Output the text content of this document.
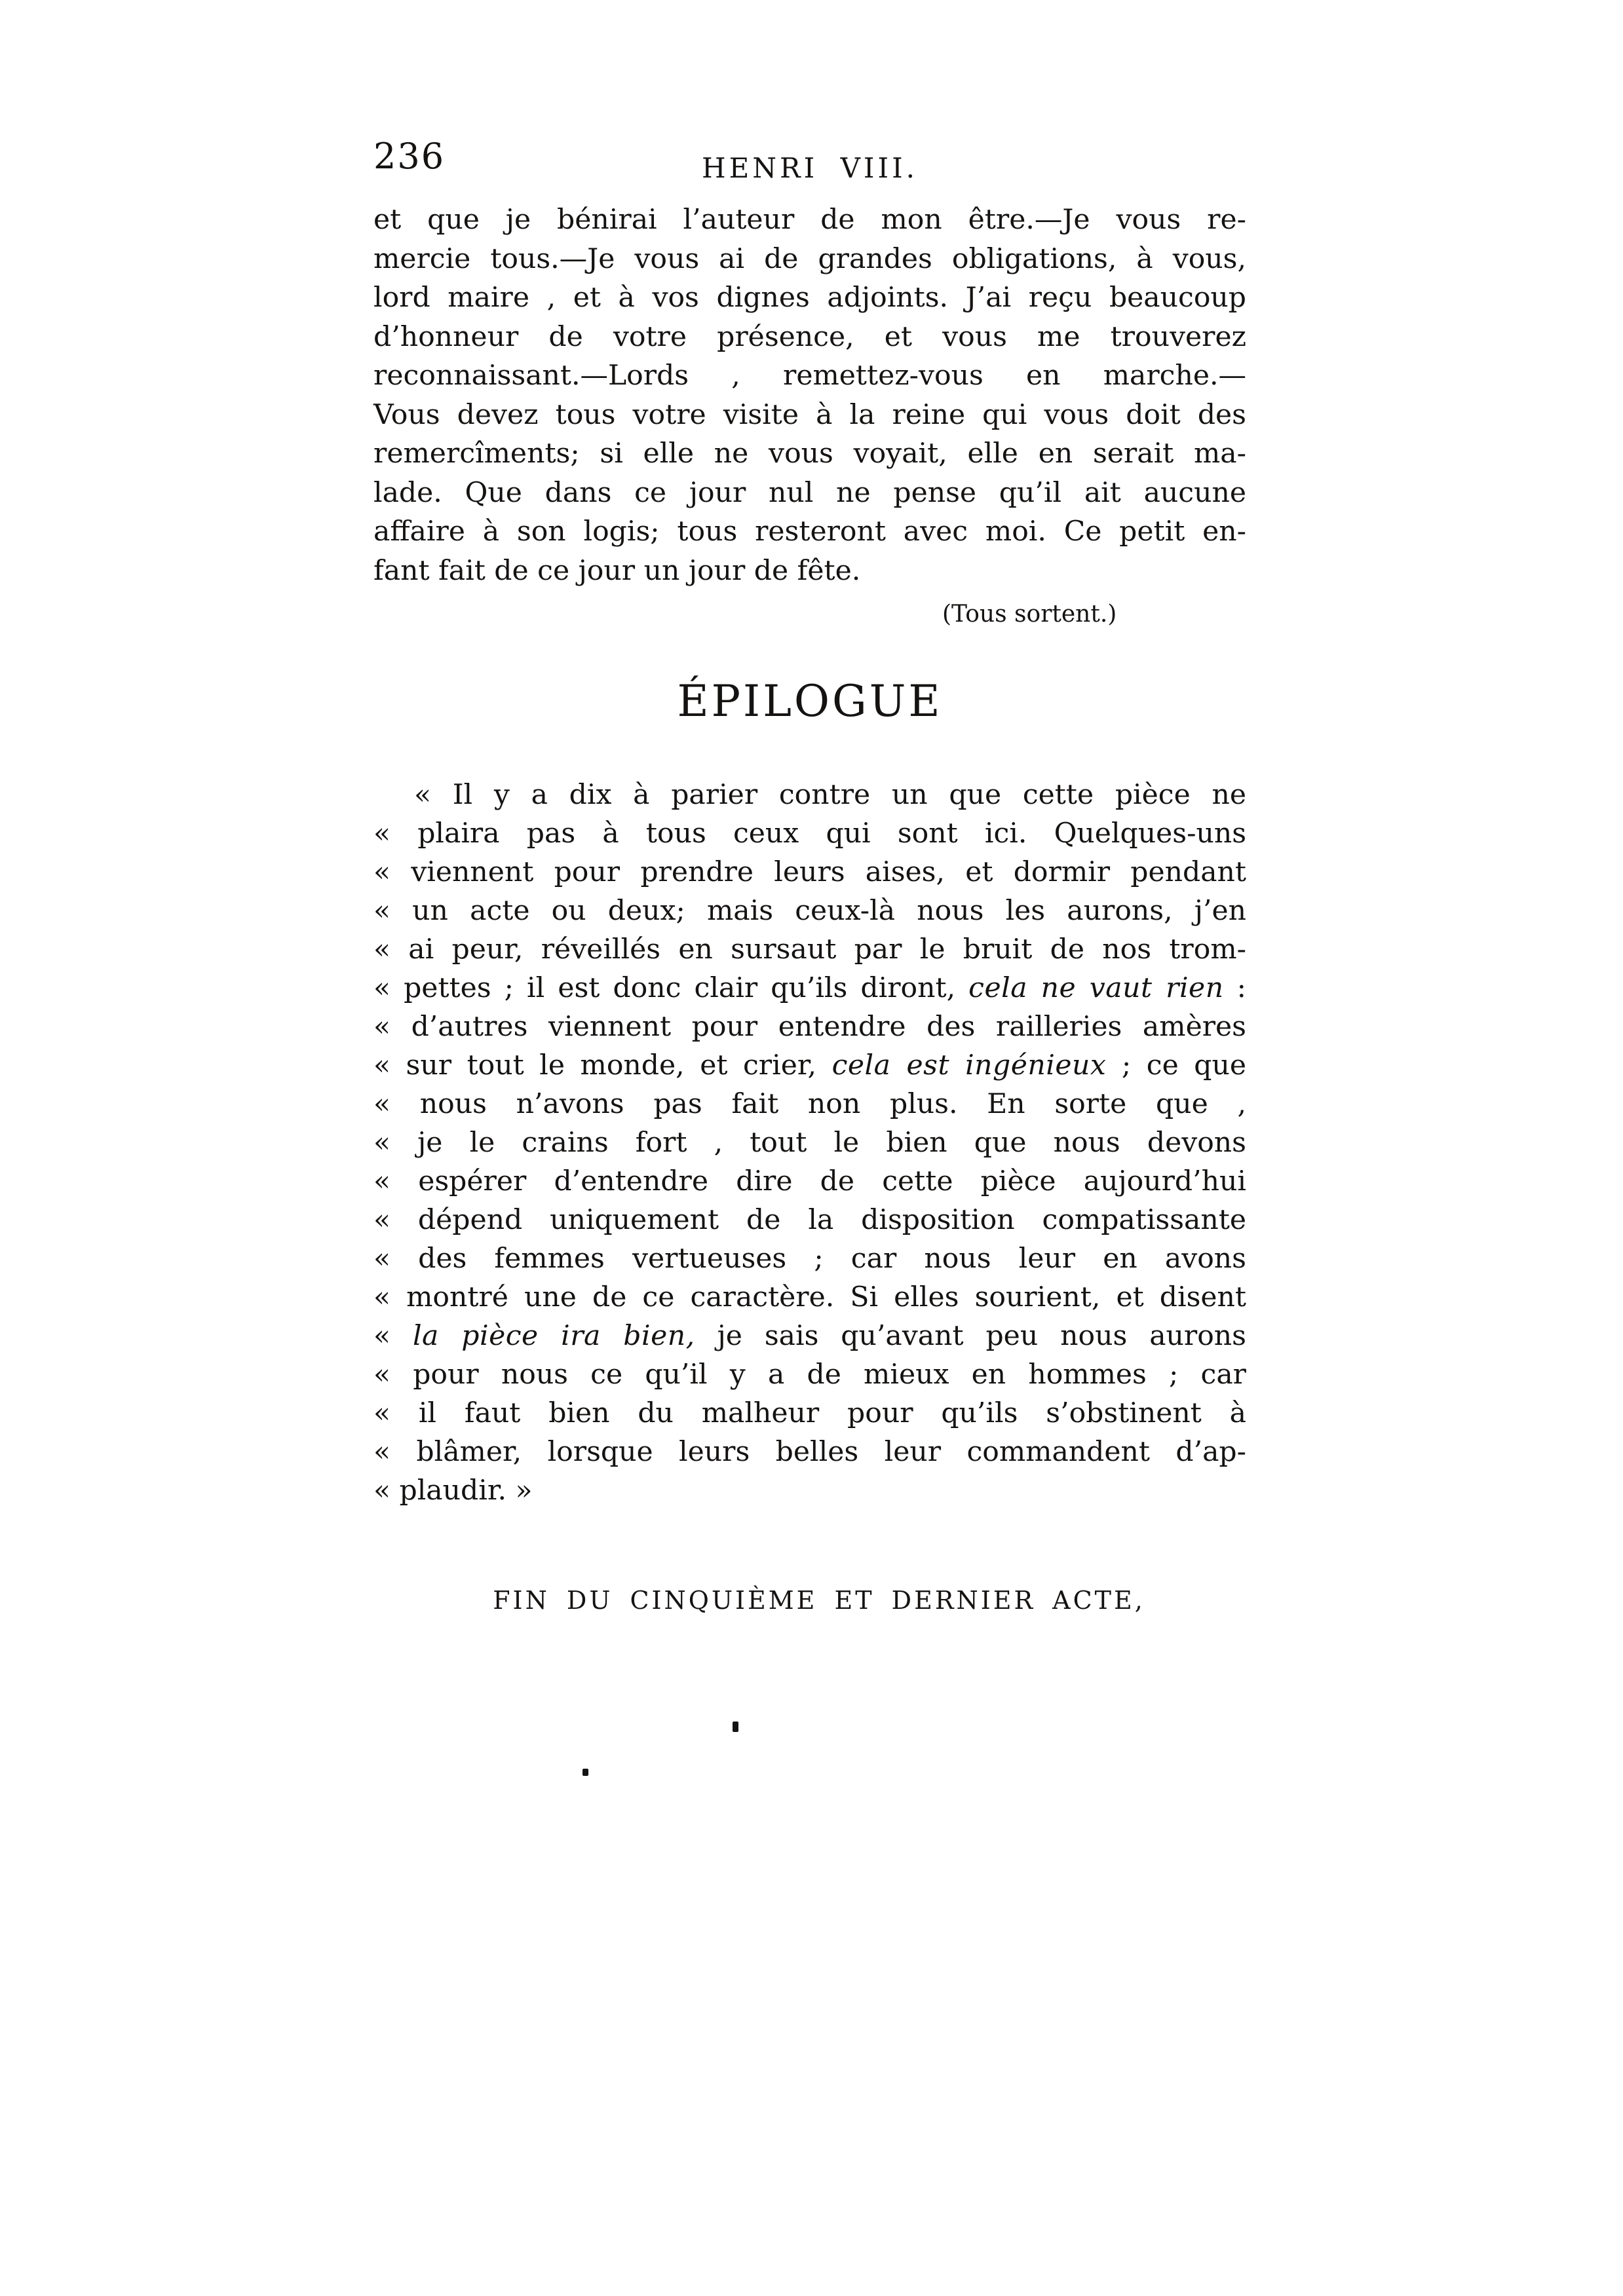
236	HENRI VIII.
et que je bénirai l’auteur de mon être.—Je vous re-
mercie tous.—Je vous ai de grandes obligations, à vous,
lord maire , et à vos dignes adjoints. J’ai reçu beaucoup
d’honneur de votre présence, et vous me trouverez
reconnaissant.—Lords , remettez-vous en marche.—
Vous devez tous votre visite à la reine qui vous doit des
remercîments; si elle ne vous voyait, elle en serait ma-
lade. Que dans ce jour nul ne pense qu’il ait aucune
affaire à son logis; tous resteront avec moi. Ce petit en-
fant fait de ce jour un jour de fête.
(Tous sortent.)
ÉPILOGUE
« Il y a dix à parier contre un que cette pièce ne
« plaira pas à tous ceux qui sont ici. Quelques-uns
« viennent pour prendre leurs aises, et dormir pendant
« un acte ou deux; mais ceux-là nous les aurons, j’en
« ai peur, réveillés en sursaut par le bruit de nos trom-
« pettes ; il est donc clair qu’ils diront, cela ne vaut rien :
« d’autres viennent pour entendre des railleries amères
« sur tout le monde, et crier, cela est ingénieux ; ce que
« nous n’avons pas fait non plus. En sorte que ,
« je le crains fort , tout le bien que nous devons
« espérer d’entendre dire de cette pièce aujourd’hui
« dépend uniquement de la disposition compatissante
« des femmes vertueuses ; car nous leur en avons
« montré une de ce caractère. Si elles sourient, et disent
« la pièce ira bien, je sais qu’avant peu nous aurons
« pour nous ce qu’il y a de mieux en hommes ; car
« il faut bien du malheur pour qu’ils s’obstinent à
« blâmer, lorsque leurs belles leur commandent d’ap-
« plaudir. »
FIN DU CINQUIÈME ET DERNIER ACTE,
